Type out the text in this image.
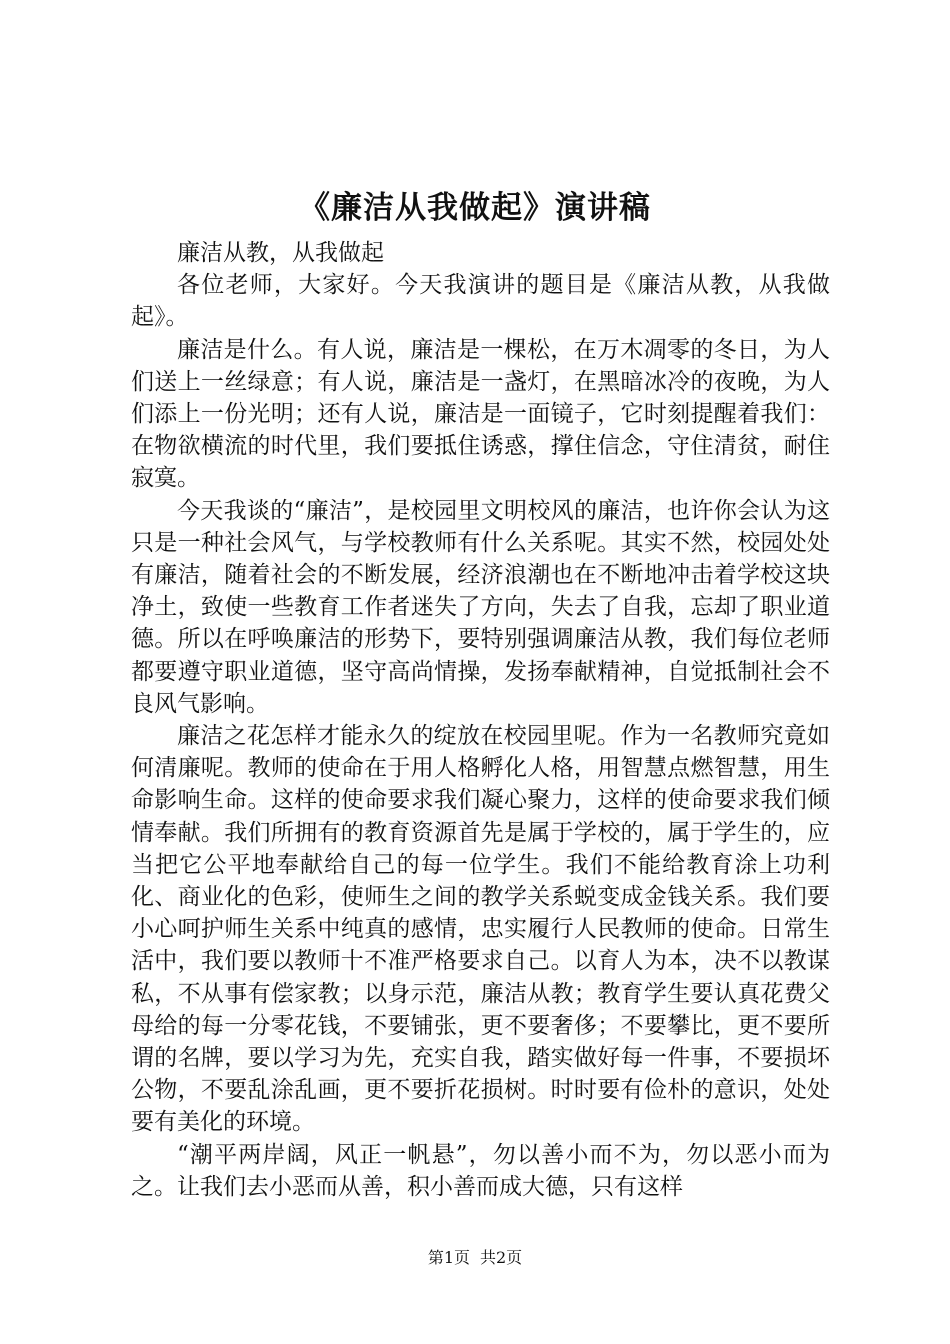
《廉洁从我做起》演讲稿

廉洁从教，从我做起

各位老师，大家好。今天我演讲的题目是《廉洁从教，从我做起》。

廉洁是什么。有人说，廉洁是一棵松，在万木凋零的冬日，为人们送上一丝绿意；有人说，廉洁是一盏灯，在黑暗冰冷的夜晚，为人们添上一份光明；还有人说，廉洁是一面镜子，它时刻提醒着我们：在物欲横流的时代里，我们要抵住诱惑，撑住信念，守住清贫，耐住寂寞。

今天我谈的“廉洁”，是校园里文明校风的廉洁，也许你会认为这只是一种社会风气，与学校教师有什么关系呢。其实不然，校园处处有廉洁，随着社会的不断发展，经济浪潮也在不断地冲击着学校这块净土，致使一些教育工作者迷失了方向，失去了自我，忘却了职业道德。所以在呼唤廉洁的形势下，要特别强调廉洁从教，我们每位老师都要遵守职业道德，坚守高尚情操，发扬奉献精神，自觉抵制社会不良风气影响。

廉洁之花怎样才能永久的绽放在校园里呢。作为一名教师究竟如何清廉呢。教师的使命在于用人格孵化人格，用智慧点燃智慧，用生命影响生命。这样的使命要求我们凝心聚力，这样的使命要求我们倾情奉献。我们所拥有的教育资源首先是属于学校的，属于学生的，应当把它公平地奉献给自己的每一位学生。我们不能给教育涂上功利化、商业化的色彩，使师生之间的教学关系蜕变成金钱关系。我们要小心呵护师生关系中纯真的感情，忠实履行人民教师的使命。日常生活中，我们要以教师十不准严格要求自己。以育人为本，决不以教谋私，不从事有偿家教；以身示范，廉洁从教；教育学生要认真花费父母给的每一分零花钱，不要铺张，更不要奢侈；不要攀比，更不要所谓的名牌，要以学习为先，充实自我，踏实做好每一件事，不要损坏公物，不要乱涂乱画，更不要折花损树。时时要有俭朴的意识，处处要有美化的环境。

“潮平两岸阔，风正一帆悬”，勿以善小而不为，勿以恶小而为之。让我们去小恶而从善，积小善而成大德，只有这样

第1页 共2页
